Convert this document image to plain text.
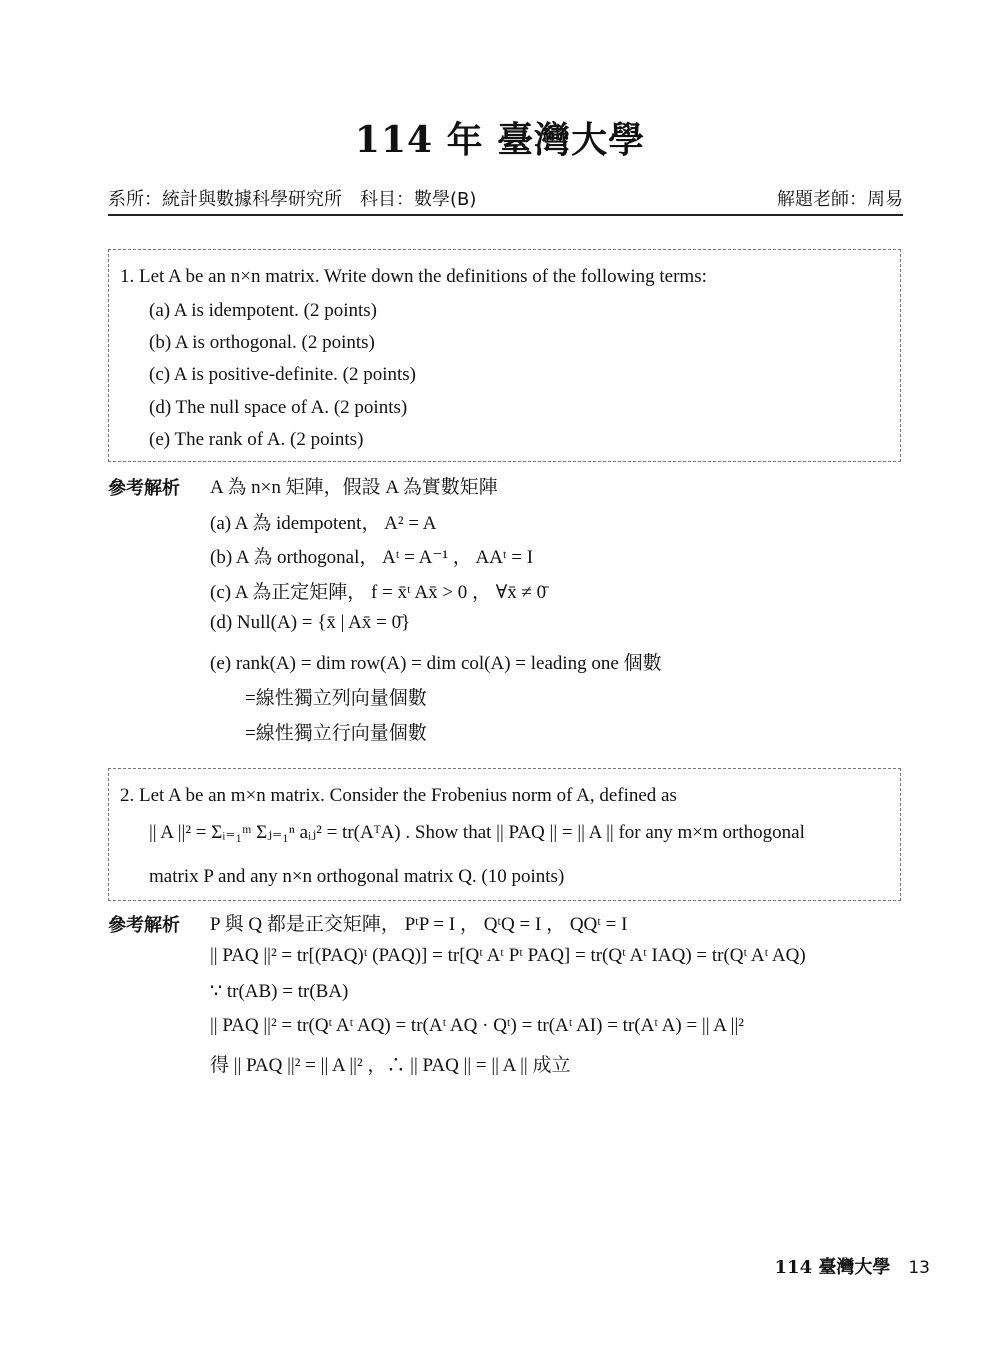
114 年 臺灣大學
系所：統計與數據科學研究所 科目：數學(B)	解題老師：周易
1. Let A be an n×n matrix. Write down the definitions of the following terms:
(a) A is idempotent. (2 points)
(b) A is orthogonal. (2 points)
(c) A is positive-definite. (2 points)
(d) The null space of A. (2 points)
(e) The rank of A. (2 points)
參考解析 A 為 n×n 矩陣，假設 A 為實數矩陣
(a) A 為 idempotent， A² = A
(b) A 為 orthogonal， Aᵗ = A⁻¹ ， AAᵗ = I
(c) A 為正定矩陣， f = x̄ᵗ Ax̄ > 0 ， ∀x̄ ≠ 0̄
(d) Null(A) = {x̄ | Ax̄ = 0̄}
(e) rank(A) = dim row(A) = dim col(A) = leading one 個數
=線性獨立列向量個數
=線性獨立行向量個數
2. Let A be an m×n matrix. Consider the Frobenius norm of A, defined as
|| A ||² = Σᵢ₌₁ᵐ Σⱼ₌₁ⁿ aᵢⱼ² = tr(AᵀA) . Show that || PAQ || = || A || for any m×m orthogonal
matrix P and any n×n orthogonal matrix Q. (10 points)
參考解析 P 與 Q 都是正交矩陣， PᵗP = I ， QᵗQ = I ， QQᵗ = I
|| PAQ ||² = tr[(PAQ)ᵗ (PAQ)] = tr[Qᵗ Aᵗ Pᵗ PAQ] = tr(Qᵗ Aᵗ IAQ) = tr(Qᵗ Aᵗ AQ)
∵ tr(AB) = tr(BA)
|| PAQ ||² = tr(Qᵗ Aᵗ AQ) = tr(Aᵗ AQ · Qᵗ) = tr(Aᵗ AI) = tr(Aᵗ A) = || A ||²
得 || PAQ ||² = || A ||² ，∴ || PAQ || = || A || 成立
114 臺灣大學 13
